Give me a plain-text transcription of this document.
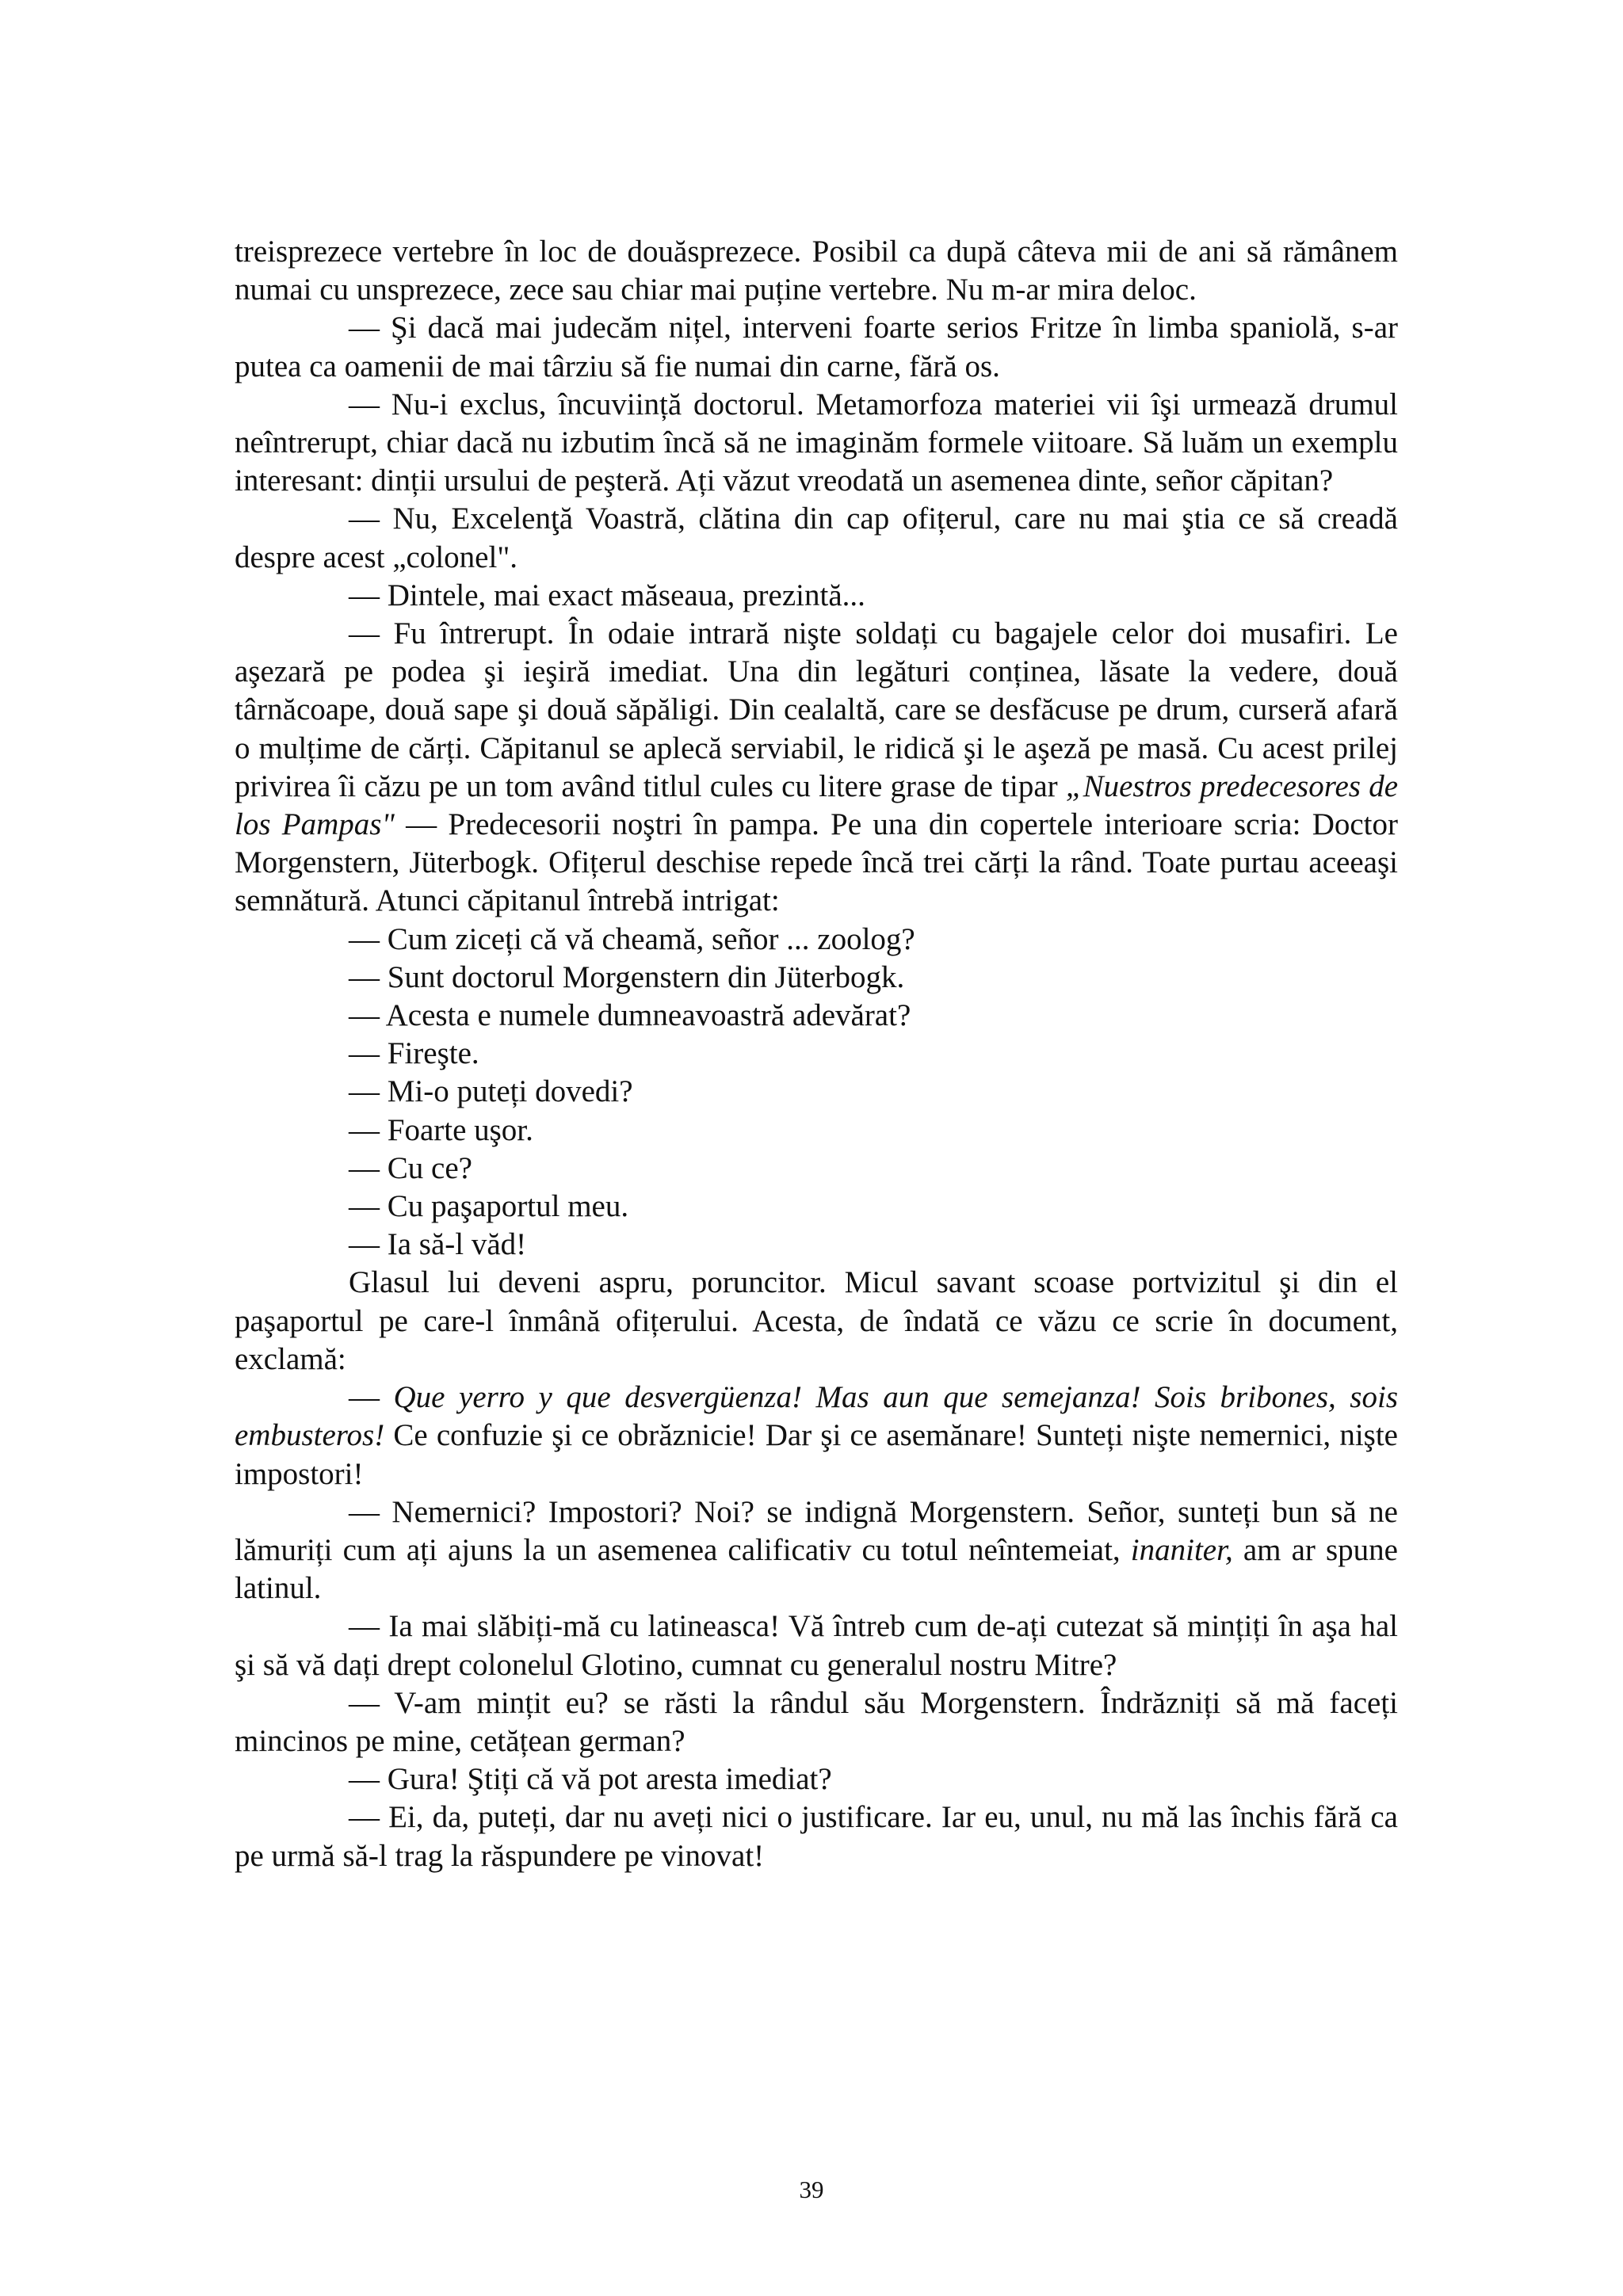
treisprezece vertebre în loc de douăsprezece. Posibil ca după câteva mii de ani să rămânem numai cu unsprezece, zece sau chiar mai puține vertebre. Nu m-ar mira deloc.

— Şi dacă mai judecăm nițel, interveni foarte serios Fritze în limba spaniolă, s-ar putea ca oamenii de mai târziu să fie numai din carne, fără os.

— Nu-i exclus, încuviință doctorul. Metamorfoza materiei vii îşi urmează drumul neîntrerupt, chiar dacă nu izbutim încă să ne imaginăm formele viitoare. Să luăm un exemplu interesant: dinții ursului de peşteră. Ați văzut vreodată un asemenea dinte, señor căpitan?

— Nu, Excelenţă Voastră, clătina din cap ofițerul, care nu mai ştia ce să creadă despre acest „colonel".

— Dintele, mai exact măseaua, prezintă...

— Fu întrerupt. În odaie intrară nişte soldați cu bagajele celor doi musafiri. Le aşezară pe podea şi ieşiră imediat. Una din legături conținea, lăsate la vedere, două târnăcoape, două sape şi două săpăligi. Din cealaltă, care se desfăcuse pe drum, curseră afară o mulțime de cărți. Căpitanul se aplecă serviabil, le ridică şi le aşeză pe masă. Cu acest prilej privirea îi căzu pe un tom având titlul cules cu litere grase de tipar „Nuestros predecesores de los Pampas" — Predecesorii noştri în pampa. Pe una din copertele interioare scria: Doctor Morgenstern, Jüterbogk. Ofițerul deschise repede încă trei cărți la rând. Toate purtau aceeaşi semnătură. Atunci căpitanul întrebă intrigat:

— Cum ziceți că vă cheamă, señor ... zoolog?

— Sunt doctorul Morgenstern din Jüterbogk.

— Acesta e numele dumneavoastră adevărat?

— Fireşte.

— Mi-o puteți dovedi?

— Foarte uşor.

— Cu ce?

— Cu paşaportul meu.

— Ia să-l văd!

Glasul lui deveni aspru, poruncitor. Micul savant scoase portvizitul şi din el paşaportul pe care-l înmână ofițerului. Acesta, de îndată ce văzu ce scrie în document, exclamă:

— Que yerro y que desvergüenza! Mas aun que semejanza! Sois bribones, sois embusteros! Ce confuzie şi ce obrăznicie! Dar şi ce asemănare! Sunteți nişte nemernici, nişte impostori!

— Nemernici? Impostori? Noi? se indignă Morgenstern. Señor, sunteți bun să ne lămuriți cum ați ajuns la un asemenea calificativ cu totul neîntemeiat, inaniter, am ar spune latinul.

— Ia mai slăbiți-mă cu latineasca! Vă întreb cum de-ați cutezat să mințiți în aşa hal şi să vă dați drept colonelul Glotino, cumnat cu generalul nostru Mitre?

— V-am mințit eu? se răsti la rândul său Morgenstern. Îndrăzniți să mă faceți mincinos pe mine, cetățean german?

— Gura! Ştiți că vă pot aresta imediat?

— Ei, da, puteți, dar nu aveți nici o justificare. Iar eu, unul, nu mă las închis fără ca pe urmă să-l trag la răspundere pe vinovat!

39
